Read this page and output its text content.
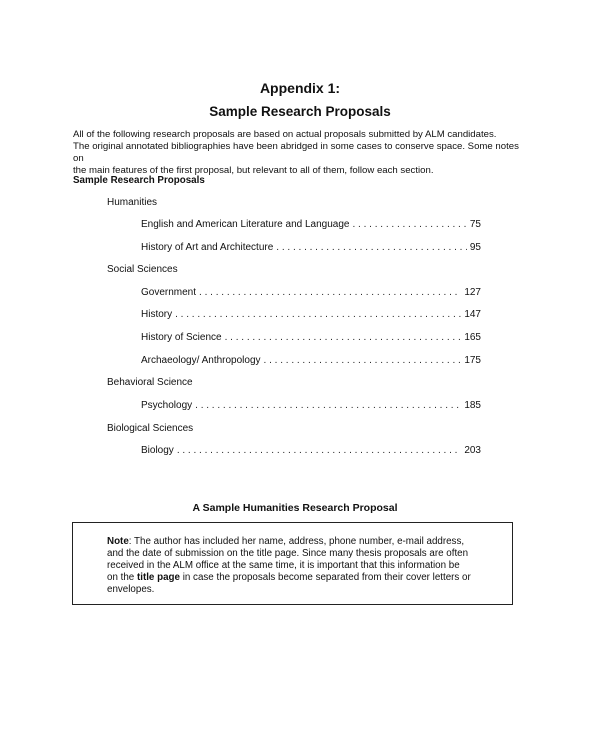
Appendix 1:
Sample Research Proposals

All of the following research proposals are based on actual proposals submitted by ALM candidates.

The original annotated bibliographies have been abridged in some cases to conserve space. Some notes on

the main features of the first proposal, but relevant to all of them, follow each section.

Sample Research Proposals
Humanities
English and American Literature and Language . . .	75
History of Art and Architecture . . .	95
Social Sciences
Government . . .	127
History . . .	147
History of Science . . .	165
Archaeology/ Anthropology . . .	175
Behavioral Science
Psychology . . .	185
Biological Sciences
Biology . . .	203
A Sample Humanities Research Proposal
Note: The author has included her name, address, phone number, e-mail address,
and the date of submission on the title page. Since many thesis proposals are often
received in the ALM office at the same time, it is important that this information be
on the title page in case the proposals become separated from their cover letters or
envelopes.
